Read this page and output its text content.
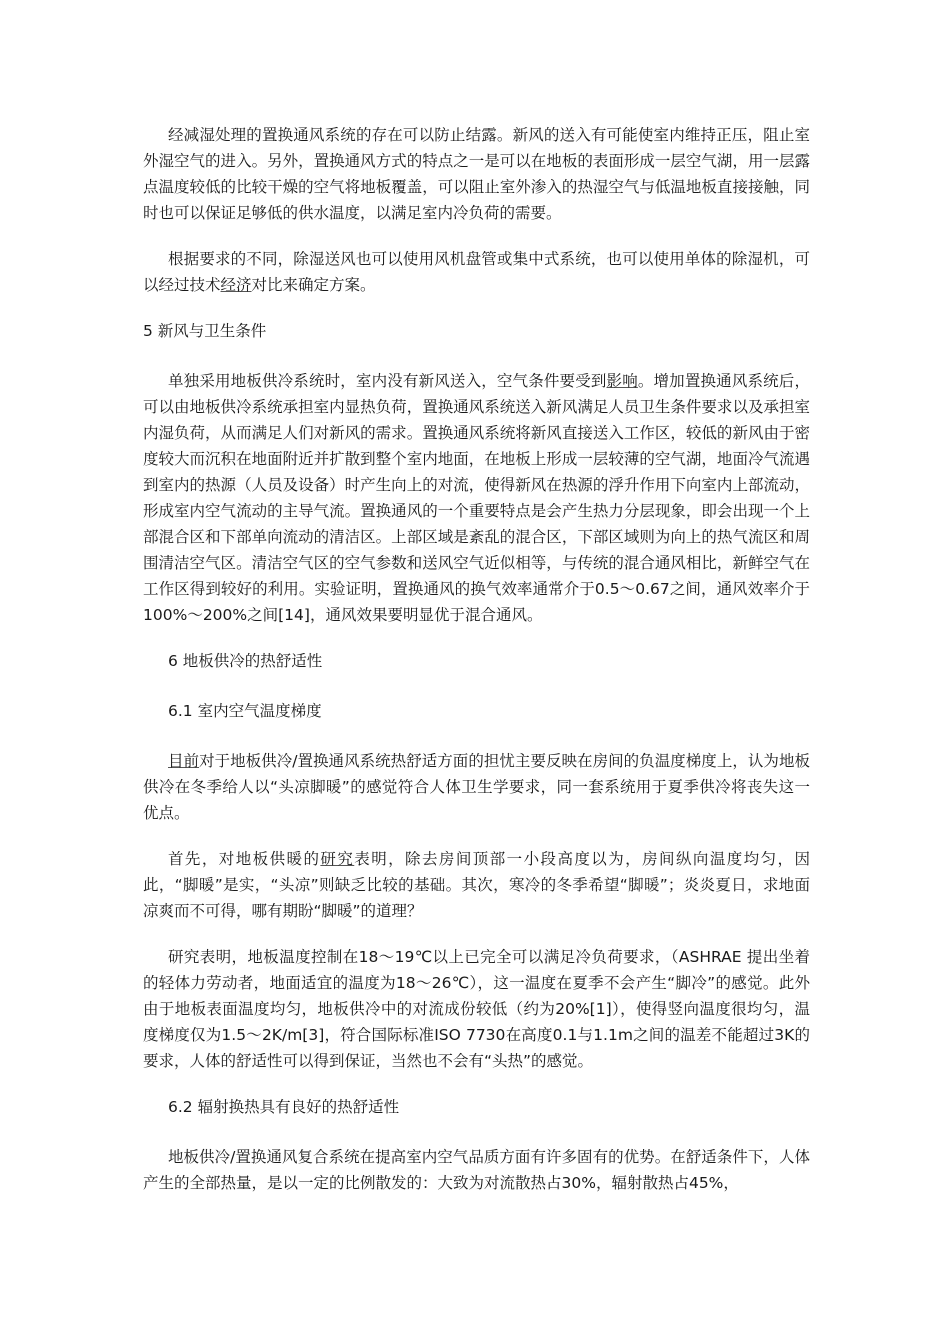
经减湿处理的置换通风系统的存在可以防止结露。新风的送入有可能使室内维持正压，阻止室外湿空气的进入。另外，置换通风方式的特点之一是可以在地板的表面形成一层空气湖，用一层露点温度较低的比较干燥的空气将地板覆盖，可以阻止室外渗入的热湿空气与低温地板直接接触，同时也可以保证足够低的供水温度，以满足室内冷负荷的需要。

根据要求的不同，除湿送风也可以使用风机盘管或集中式系统，也可以使用单体的除湿机，可以经过技术经济对比来确定方案。

5 新风与卫生条件

单独采用地板供冷系统时，室内没有新风送入，空气条件要受到影响。增加置换通风系统后，可以由地板供冷系统承担室内显热负荷，置换通风系统送入新风满足人员卫生条件要求以及承担室内湿负荷，从而满足人们对新风的需求。置换通风系统将新风直接送入工作区，较低的新风由于密度较大而沉积在地面附近并扩散到整个室内地面，在地板上形成一层较薄的空气湖，地面冷气流遇到室内的热源（人员及设备）时产生向上的对流，使得新风在热源的浮升作用下向室内上部流动，形成室内空气流动的主导气流。置换通风的一个重要特点是会产生热力分层现象，即会出现一个上部混合区和下部单向流动的清洁区。上部区域是紊乱的混合区，下部区域则为向上的热气流区和周围清洁空气区。清洁空气区的空气参数和送风空气近似相等，与传统的混合通风相比，新鲜空气在工作区得到较好的利用。实验证明，置换通风的换气效率通常介于0.5～0.67之间，通风效率介于100%～200%之间[14]，通风效果要明显优于混合通风。

6 地板供冷的热舒适性

6.1 室内空气温度梯度

目前对于地板供冷/置换通风系统热舒适方面的担忧主要反映在房间的负温度梯度上，认为地板供冷在冬季给人以“头凉脚暖”的感觉符合人体卫生学要求，同一套系统用于夏季供冷将丧失这一优点。

首先，对地板供暖的研究表明，除去房间顶部一小段高度以为，房间纵向温度均匀，因此，“脚暖”是实，“头凉”则缺乏比较的基础。其次，寒冷的冬季希望“脚暖”；炎炎夏日，求地面凉爽而不可得，哪有期盼“脚暖”的道理？

研究表明，地板温度控制在18～19℃以上已完全可以满足冷负荷要求，（ASHRAE 提出坐着的轻体力劳动者，地面适宜的温度为18～26℃），这一温度在夏季不会产生“脚冷”的感觉。此外由于地板表面温度均匀，地板供冷中的对流成份较低（约为20%[1]），使得竖向温度很均匀，温度梯度仅为1.5～2K/m[3]，符合国际标准ISO 7730在高度0.1与1.1m之间的温差不能超过3K的要求，人体的舒适性可以得到保证，当然也不会有“头热”的感觉。

6.2 辐射换热具有良好的热舒适性

地板供冷/置换通风复合系统在提高室内空气品质方面有许多固有的优势。在舒适条件下，人体产生的全部热量，是以一定的比例散发的：大致为对流散热占30%，辐射散热占45%，
